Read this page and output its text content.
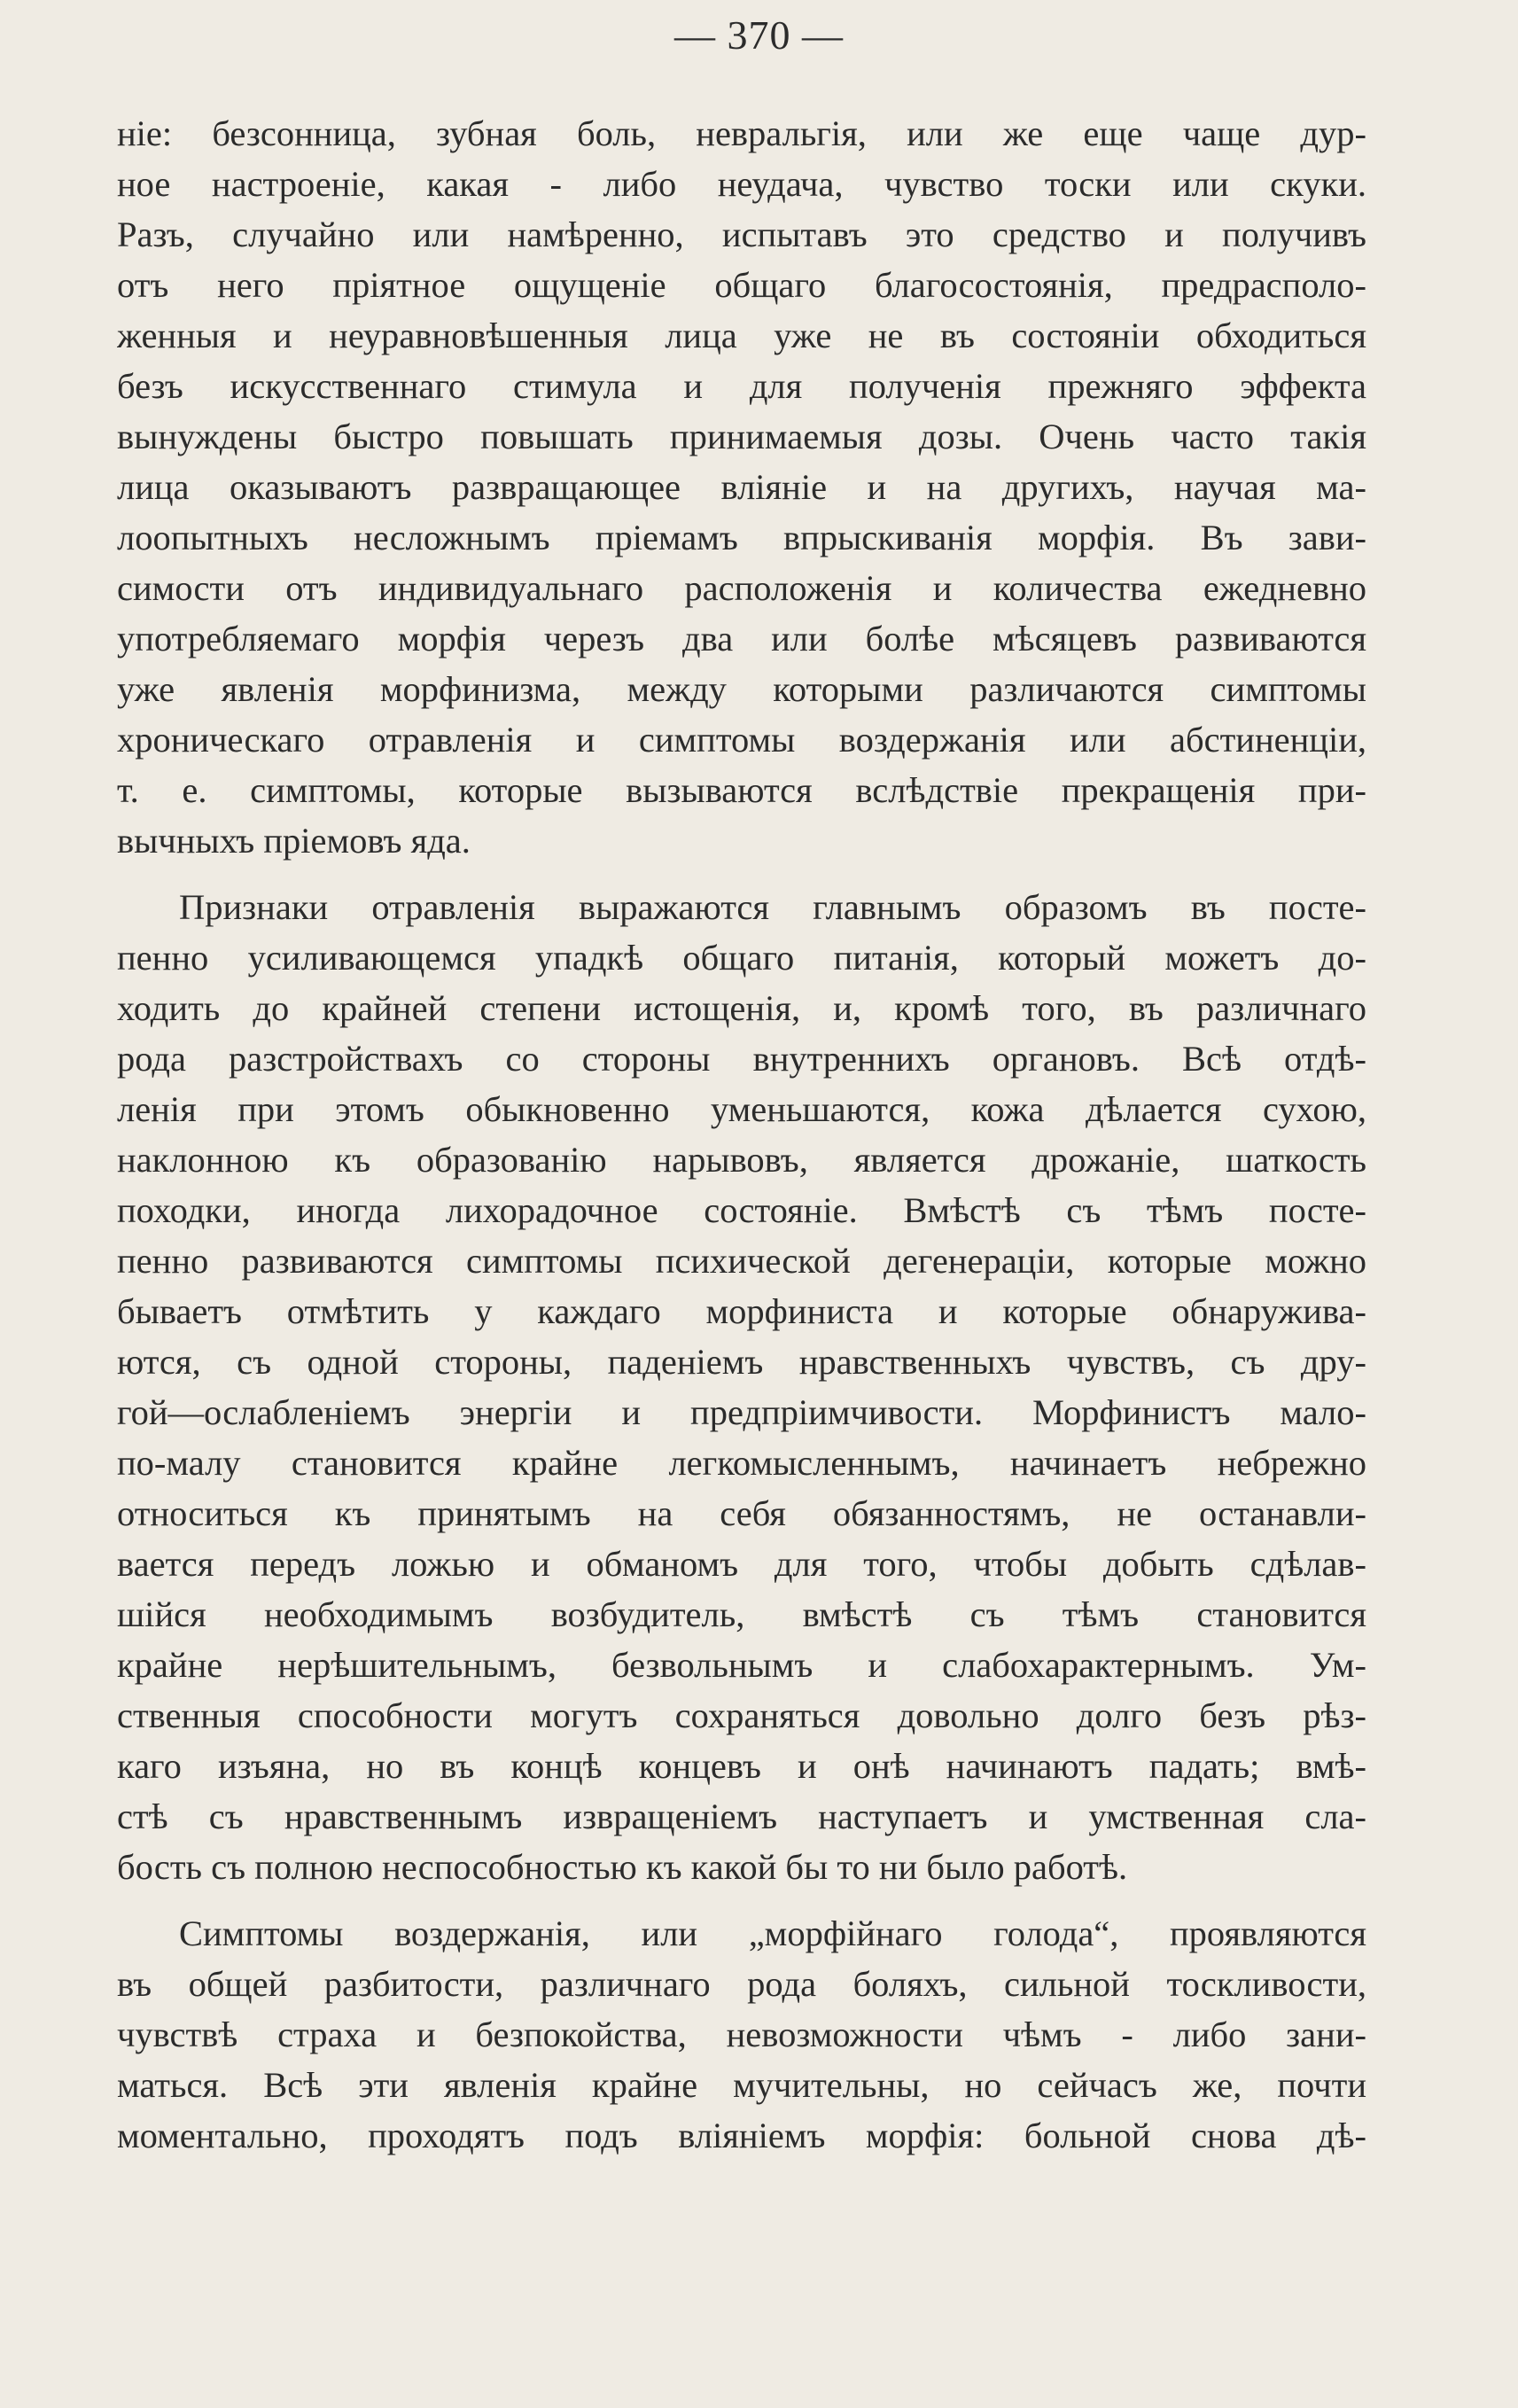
— 370 —
ніе: безсонница, зубная боль, невральгія, или же еще чаще дур-
ное настроеніе, какая - либо неудача, чувство тоски или скуки.
Разъ, случайно или намѣренно, испытавъ это средство и получивъ
отъ него пріятное ощущеніе общаго благосостоянія, предрасполо-
женныя и неуравновѣшенныя лица уже не въ состояніи обходиться
безъ искусственнаго стимула и для полученія прежняго эффекта
вынуждены быстро повышать принимаемыя дозы. Очень часто такія
лица оказываютъ развращающее вліяніе и на другихъ, научая ма-
лоопытныхъ несложнымъ пріемамъ впрыскиванія морфія. Въ зави-
симости отъ индивидуальнаго расположенія и количества ежедневно
употребляемаго морфія черезъ два или болѣе мѣсяцевъ развиваются
уже явленія морфинизма, между которыми различаются симптомы
хроническаго отравленія и симптомы воздержанія или абстиненціи,
т. е. симптомы, которые вызываются вслѣдствіе прекращенія при-
вычныхъ пріемовъ яда.
Признаки отравленія выражаются главнымъ образомъ въ посте-
пенно усиливающемся упадкѣ общаго питанія, который можетъ до-
ходить до крайней степени истощенія, и, кромѣ того, въ различнаго
рода разстройствахъ со стороны внутреннихъ органовъ. Всѣ отдѣ-
ленія при этомъ обыкновенно уменьшаются, кожа дѣлается сухою,
наклонною къ образованію нарывовъ, является дрожаніе, шаткость
походки, иногда лихорадочное состояніе. Вмѣстѣ съ тѣмъ посте-
пенно развиваются симптомы психической дегенераціи, которые можно
бываетъ отмѣтить у каждаго морфиниста и которые обнаружива-
ются, съ одной стороны, паденіемъ нравственныхъ чувствъ, съ дру-
гой—ослабленіемъ энергіи и предпріимчивости. Морфинистъ мало-
по-малу становится крайне легкомысленнымъ, начинаетъ небрежно
относиться къ принятымъ на себя обязанностямъ, не останавли-
вается передъ ложью и обманомъ для того, чтобы добыть сдѣлав-
шійся необходимымъ возбудитель, вмѣстѣ съ тѣмъ становится
крайне нерѣшительнымъ, безвольнымъ и слабохарактернымъ. Ум-
ственныя способности могутъ сохраняться довольно долго безъ рѣз-
каго изъяна, но въ концѣ концевъ и онѣ начинаютъ падать; вмѣ-
стѣ съ нравственнымъ извращеніемъ наступаетъ и умственная сла-
бость съ полною неспособностью къ какой бы то ни было работѣ.
Симптомы воздержанія, или „морфійнаго голода“, проявляются
въ общей разбитости, различнаго рода боляхъ, сильной тоскливости,
чувствѣ страха и безпокойства, невозможности чѣмъ - либо зани-
маться. Всѣ эти явленія крайне мучительны, но сейчасъ же, почти
моментально, проходятъ подъ вліяніемъ морфія: больной снова дѣ-
